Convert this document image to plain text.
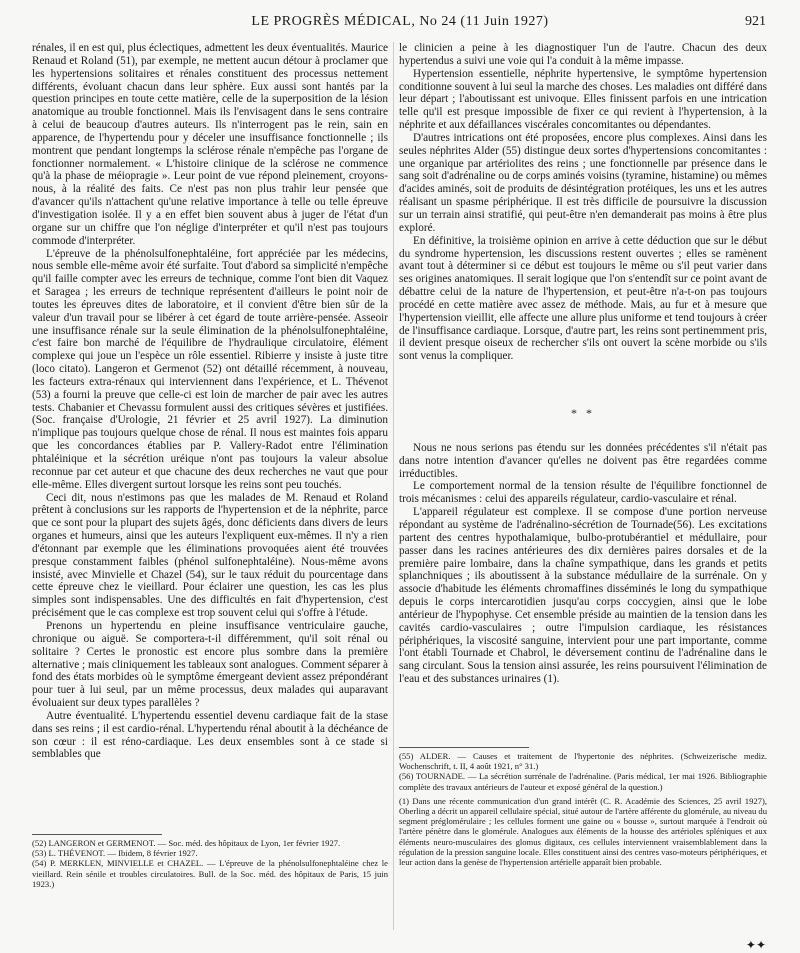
LE PROGRÈS MÉDICAL, No 24 (11 Juin 1927)	921

rénales, il en est qui, plus éclectiques, admettent les deux éventualités. Maurice Renaud et Roland (51), par exemple, ne mettent aucun détour à proclamer que les hypertensions solitaires et rénales constituent des processus nettement différents, évoluant chacun dans leur sphère. Eux aussi sont hantés par la question principes en toute cette matière, celle de la superposition de la lésion anatomique au trouble fonctionnel. Mais ils l'envisagent dans le sens contraire à celui de beaucoup d'autres auteurs. Ils n'interrogent pas le rein, sain en apparence, de l'hypertendu pour y déceler une insuffisance fonctionnelle ; ils montrent que pendant longtemps la sclérose rénale n'empêche pas l'organe de fonctionner normalement. « L'histoire clinique de la sclérose ne commence qu'à la phase de méiopragie ». Leur point de vue répond pleinement, croyons-nous, à la réalité des faits. Ce n'est pas non plus trahir leur pensée que d'avancer qu'ils n'attachent qu'une relative importance à telle ou telle épreuve d'investigation isolée. Il y a en effet bien souvent abus à juger de l'état d'un organe sur un chiffre que l'on néglige d'interpréter et qu'il n'est pas toujours commode d'interpréter.

L'épreuve de la phénolsulfonephtaléine, fort appréciée par les médecins, nous semble elle-même avoir été surfaite. Tout d'abord sa simplicité n'empêche qu'il faille compter avec les erreurs de technique, comme l'ont bien dit Vaquez et Saragea ; les erreurs de technique représentent d'ailleurs le point noir de toutes les épreuves dites de laboratoire, et il convient d'être bien sûr de la valeur d'un travail pour se libérer à cet égard de toute arrière-pensée. Asseoir une insuffisance rénale sur la seule élimination de la phénolsulfonephtaléine, c'est faire bon marché de l'équilibre de l'hydraulique circulatoire, élément complexe qui joue un l'espèce un rôle essentiel. Ribierre y insiste à juste titre (loco citato). Langeron et Germenot (52) ont détaillé récemment, à nouveau, les facteurs extra-rénaux qui interviennent dans l'expérience, et L. Thévenot (53) a fourni la preuve que celle-ci est loin de marcher de pair avec les autres tests. Chabanier et Chevassu formulent aussi des critiques sévères et justifiées. (Soc. française d'Urologie, 21 février et 25 avril 1927). La diminution n'implique pas toujours quelque chose de rénal. Il nous est maintes fois apparu que les concordances établies par P. Vallery-Radot entre l'élimination phtaléinique et la sécrétion uréique n'ont pas toujours la valeur absolue reconnue par cet auteur et que chacune des deux recherches ne vaut que pour elle-même. Elles divergent surtout lorsque les reins sont peu touchés.

Ceci dit, nous n'estimons pas que les malades de M. Renaud et Roland prêtent à conclusions sur les rapports de l'hypertension et de la néphrite, parce que ce sont pour la plupart des sujets âgés, donc déficients dans divers de leurs organes et humeurs, ainsi que les auteurs l'expliquent eux-mêmes. Il n'y a rien d'étonnant par exemple que les éliminations provoquées aient été trouvées presque constamment faibles (phénol sulfonephtaléine). Nous-même avons insisté, avec Minvielle et Chazel (54), sur le taux réduit du pourcentage dans cette épreuve chez le vieillard. Pour éclairer une question, les cas les plus simples sont indispensables. Une des difficultés en fait d'hypertension, c'est précisément que le cas complexe est trop souvent celui qui s'offre à l'étude.

Prenons un hypertendu en pleine insuffisance ventriculaire gauche, chronique ou aiguë. Se comportera-t-il différemment, qu'il soit rénal ou solitaire ? Certes le pronostic est encore plus sombre dans la première alternative ; mais cliniquement les tableaux sont analogues. Comment séparer à fond des états morbides où le symptôme émergeant devient assez prépondérant pour tuer à lui seul, par un même processus, deux malades qui auparavant évoluaient sur deux types parallèles ?

Autre éventualité. L'hypertendu essentiel devenu cardiaque fait de la stase dans ses reins ; il est cardio-rénal. L'hypertendu rénal aboutit à la déchéance de son cœur : il est réno-cardiaque. Les deux ensembles sont à ce stade si semblables que

le clinicien a peine à les diagnostiquer l'un de l'autre. Chacun des deux hypertendus a suivi une voie qui l'a conduit à la même impasse.

Hypertension essentielle, néphrite hypertensive, le symptôme hypertension conditionne souvent à lui seul la marche des choses. Les maladies ont différé dans leur départ ; l'aboutissant est univoque. Elles finissent parfois en une intrication telle qu'il est presque impossible de fixer ce qui revient à l'hypertension, à la néphrite et aux défaillances viscérales concomitantes ou dépendantes.

D'autres intrications ont été proposées, encore plus complexes. Ainsi dans les seules néphrites Alder (55) distingue deux sortes d'hypertensions concomitantes : une organique par artériolites des reins ; une fonctionnelle par présence dans le sang soit d'adrénaline ou de corps aminés voisins (tyramine, histamine) ou mêmes d'acides aminés, soit de produits de désintégration protéiques, les uns et les autres réalisant un spasme périphérique. Il est très difficile de poursuivre la discussion sur un terrain ainsi stratifié, qui peut-être n'en demanderait pas moins à être plus exploré.

En définitive, la troisième opinion en arrive à cette déduction que sur le début du syndrome hypertension, les discussions restent ouvertes ; elles se ramènent avant tout à déterminer si ce début est toujours le même ou s'il peut varier dans ses origines anatomiques. Il serait logique que l'on s'entendît sur ce point avant de débattre celui de la nature de l'hypertension, et peut-être n'a-t-on pas toujours procédé en cette matière avec assez de méthode. Mais, au fur et à mesure que l'hypertension vieillit, elle affecte une allure plus uniforme et tend toujours à créer de l'insuffisance cardiaque. Lorsque, d'autre part, les reins sont pertinemment pris, il devient presque oiseux de rechercher s'ils ont ouvert la scène morbide ou s'ils sont venus la compliquer.

* *

Nous ne nous serions pas étendu sur les données précédentes s'il n'était pas dans notre intention d'avancer qu'elles ne doivent pas être regardées comme irréductibles.

Le comportement normal de la tension résulte de l'équilibre fonctionnel de trois mécanismes : celui des appareils régulateur, cardio-vasculaire et rénal.

L'appareil régulateur est complexe. Il se compose d'une portion nerveuse répondant au système de l'adrénalino-sécrétion de Tournade(56). Les excitations partent des centres hypothalamique, bulbo-protubérantiel et médullaire, pour passer dans les racines antérieures des dix dernières paires dorsales et de la première paire lombaire, dans la chaîne sympathique, dans les grands et petits splanchniques ; ils aboutissent à la substance médullaire de la surrénale. On y associe d'habitude les éléments chromaffines disséminés le long du sympathique depuis le corps intercarotidien jusqu'au corps coccygien, ainsi que le lobe antérieur de l'hypophyse. Cet ensemble préside au maintien de la tension dans les cavités cardio-vasculaires ; outre l'impulsion cardiaque, les résistances périphériques, la viscosité sanguine, intervient pour une part importante, comme l'ont établi Tournade et Chabrol, le déversement continu de l'adrénaline dans le sang circulant. Sous la tension ainsi assurée, les reins poursuivent l'élimination de l'eau et des substances urinaires (1).

(52) LANGERON et GERMENOT. — Soc. méd. des hôpitaux de Lyon, 1er février 1927.

(53) L. THÉVENOT. — Ibidem, 8 février 1927.

(54) P. MERKLEN, MINVIELLE et CHAZEL. — L'épreuve de la phénolsulfonephtaléine chez le vieillard. Rein sénile et troubles circulatoires. Bull. de la Soc. méd. des hôpitaux de Paris, 15 juin 1923.)

(55) ALDER. — Causes et traitement de l'hypertonie des néphrites. (Schweizerische mediz. Wochenschrift, t. II, 4 août 1921, n° 31.)

(56) TOURNADE. — La sécrétion surrénale de l'adrénaline. (Paris médical, 1er mai 1926. Bibliographie complète des travaux antérieurs de l'auteur et exposé général de la question.)

(1) Dans une récente communication d'un grand intérêt (C. R. Académie des Sciences, 25 avril 1927), Oberling a décrit un appareil cellulaire spécial, situé autour de l'artère afférente du glomérule, au niveau du segment préglomérulaire ; les cellules forment une gaine ou « bousse », surtout marquée à l'endroit où l'artère pénètre dans le glomérule. Analogues aux éléments de la housse des artérioles spléniques et aux éléments neuro-musculaires des glomus digitaux, ces cellules interviennent vraisemblablement dans la régulation de la pression sanguine locale. Elles constituent ainsi des centres vaso-moteurs périphériques, et leur action dans la genèse de l'hypertension artérielle apparaît bien probable.

✦✦
